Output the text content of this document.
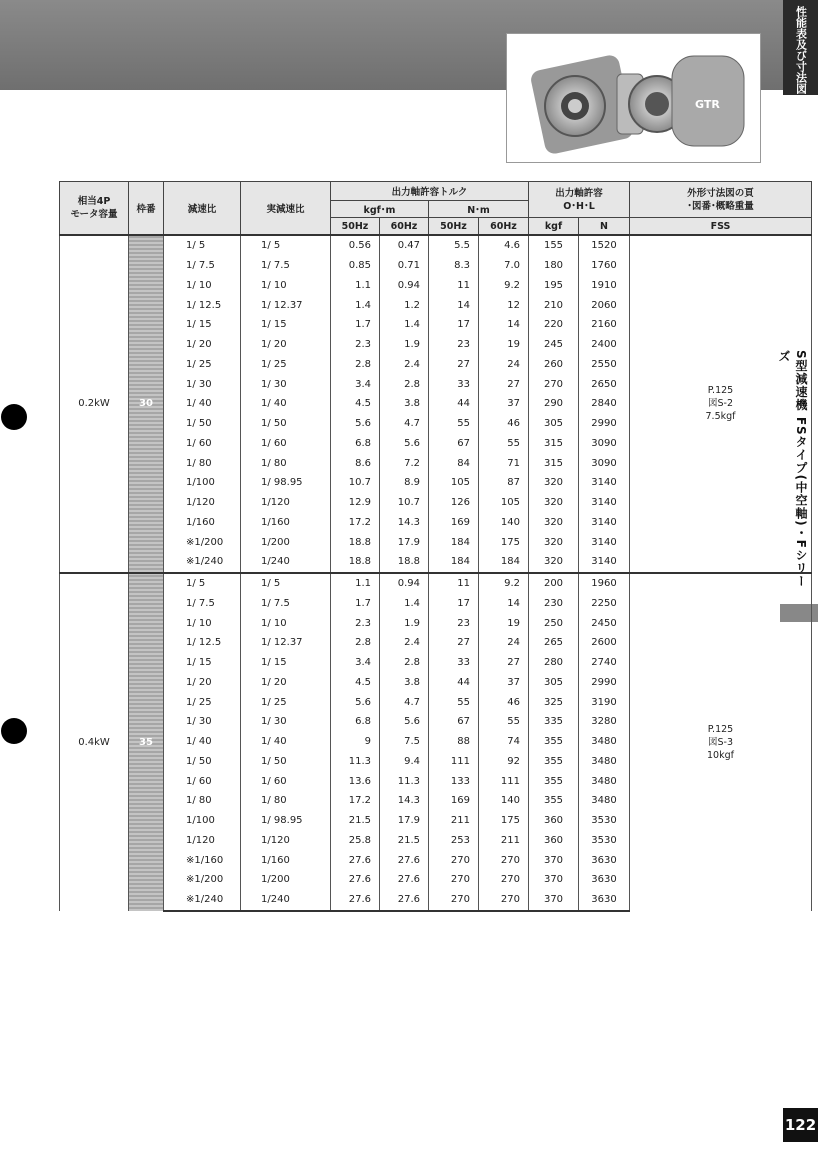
GTR
性能表及び寸法図
S型減速機 FSタイプ(中空軸)・Fシリーズ
相当4P
モータ容量	枠番	減速比	実減速比	出力軸許容トルク				出力軸許容
O･H･L		外形寸法図の頁
･図番･概略重量
				kgf･m		N･m				
				50Hz	60Hz	50Hz	60Hz	kgf	N	FSS
0.2kW	30	1/ 5	1/ 5	0.56	0.47	5.5	4.6	155	1520	P.125
図S-2
7.5kgf
		1/ 7.5	1/ 7.5	0.85	0.71	8.3	7.0	180	1760	
		1/ 10	1/ 10	1.1	0.94	11	9.2	195	1910	
		1/ 12.5	1/ 12.37	1.4	1.2	14	12	210	2060	
		1/ 15	1/ 15	1.7	1.4	17	14	220	2160	
		1/ 20	1/ 20	2.3	1.9	23	19	245	2400	
		1/ 25	1/ 25	2.8	2.4	27	24	260	2550	
		1/ 30	1/ 30	3.4	2.8	33	27	270	2650	
		1/ 40	1/ 40	4.5	3.8	44	37	290	2840	
		1/ 50	1/ 50	5.6	4.7	55	46	305	2990	
		1/ 60	1/ 60	6.8	5.6	67	55	315	3090	
		1/ 80	1/ 80	8.6	7.2	84	71	315	3090	
		1/100	1/ 98.95	10.7	8.9	105	87	320	3140	
		1/120	1/120	12.9	10.7	126	105	320	3140	
		1/160	1/160	17.2	14.3	169	140	320	3140	
		※1/200	1/200	18.8	17.9	184	175	320	3140	
		※1/240	1/240	18.8	18.8	184	184	320	3140	
0.4kW	35	1/ 5	1/ 5	1.1	0.94	11	9.2	200	1960	P.125
図S-3
10kgf
		1/ 7.5	1/ 7.5	1.7	1.4	17	14	230	2250	
		1/ 10	1/ 10	2.3	1.9	23	19	250	2450	
		1/ 12.5	1/ 12.37	2.8	2.4	27	24	265	2600	
		1/ 15	1/ 15	3.4	2.8	33	27	280	2740	
		1/ 20	1/ 20	4.5	3.8	44	37	305	2990	
		1/ 25	1/ 25	5.6	4.7	55	46	325	3190	
		1/ 30	1/ 30	6.8	5.6	67	55	335	3280	
		1/ 40	1/ 40	9	7.5	88	74	355	3480	
		1/ 50	1/ 50	11.3	9.4	111	92	355	3480	
		1/ 60	1/ 60	13.6	11.3	133	111	355	3480	
		1/ 80	1/ 80	17.2	14.3	169	140	355	3480	
		1/100	1/ 98.95	21.5	17.9	211	175	360	3530	
		1/120	1/120	25.8	21.5	253	211	360	3530	
		※1/160	1/160	27.6	27.6	270	270	370	3630	
		※1/200	1/200	27.6	27.6	270	270	370	3630	
		※1/240	1/240	27.6	27.6	270	270	370	3630	
122
